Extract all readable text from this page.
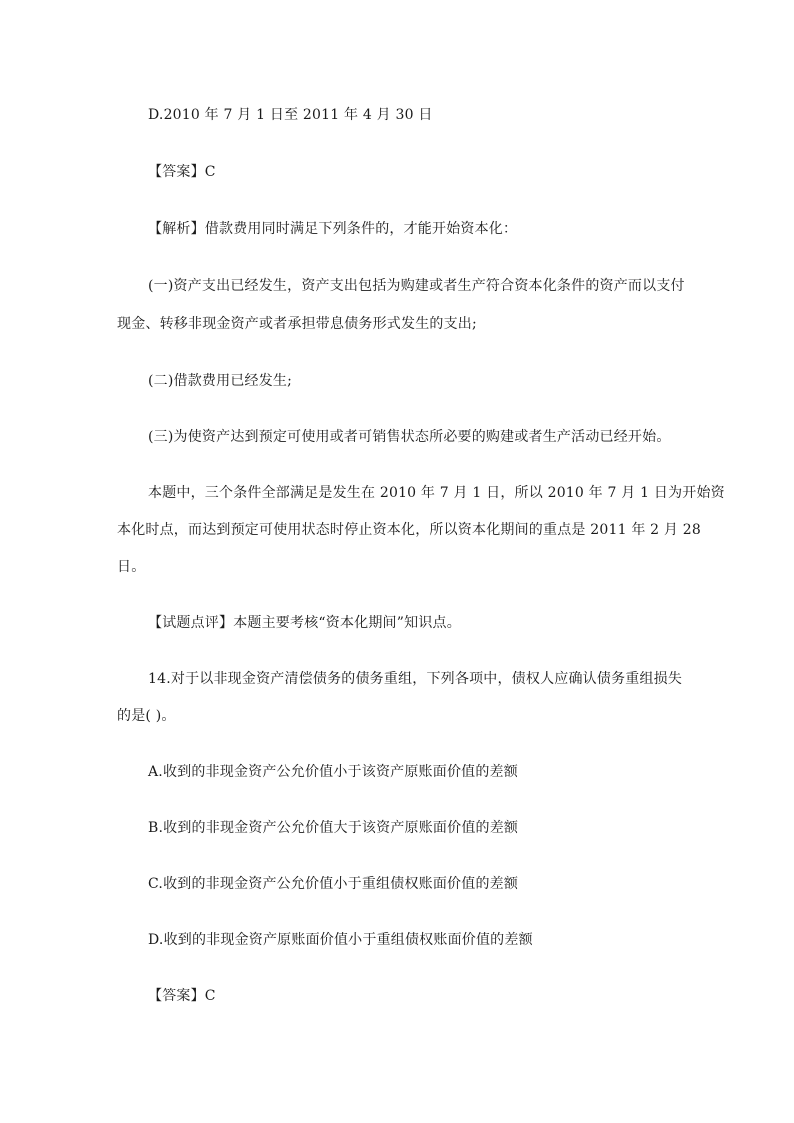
D.2010 年 7 月 1 日至 2011 年 4 月 30 日
【答案】C
【解析】借款费用同时满足下列条件的，才能开始资本化：
(一)资产支出已经发生，资产支出包括为购建或者生产符合资本化条件的资产而以支付
现金、转移非现金资产或者承担带息债务形式发生的支出;
(二)借款费用已经发生;
(三)为使资产达到预定可使用或者可销售状态所必要的购建或者生产活动已经开始。
本题中，三个条件全部满足是发生在 2010 年 7 月 1 日，所以 2010 年 7 月 1 日为开始资
本化时点，而达到预定可使用状态时停止资本化，所以资本化期间的重点是 2011 年 2 月 28
日。
【试题点评】本题主要考核“资本化期间”知识点。
14.对于以非现金资产清偿债务的债务重组，下列各项中，债权人应确认债务重组损失
的是( )。
A.收到的非现金资产公允价值小于该资产原账面价值的差额
B.收到的非现金资产公允价值大于该资产原账面价值的差额
C.收到的非现金资产公允价值小于重组债权账面价值的差额
D.收到的非现金资产原账面价值小于重组债权账面价值的差额
【答案】C
